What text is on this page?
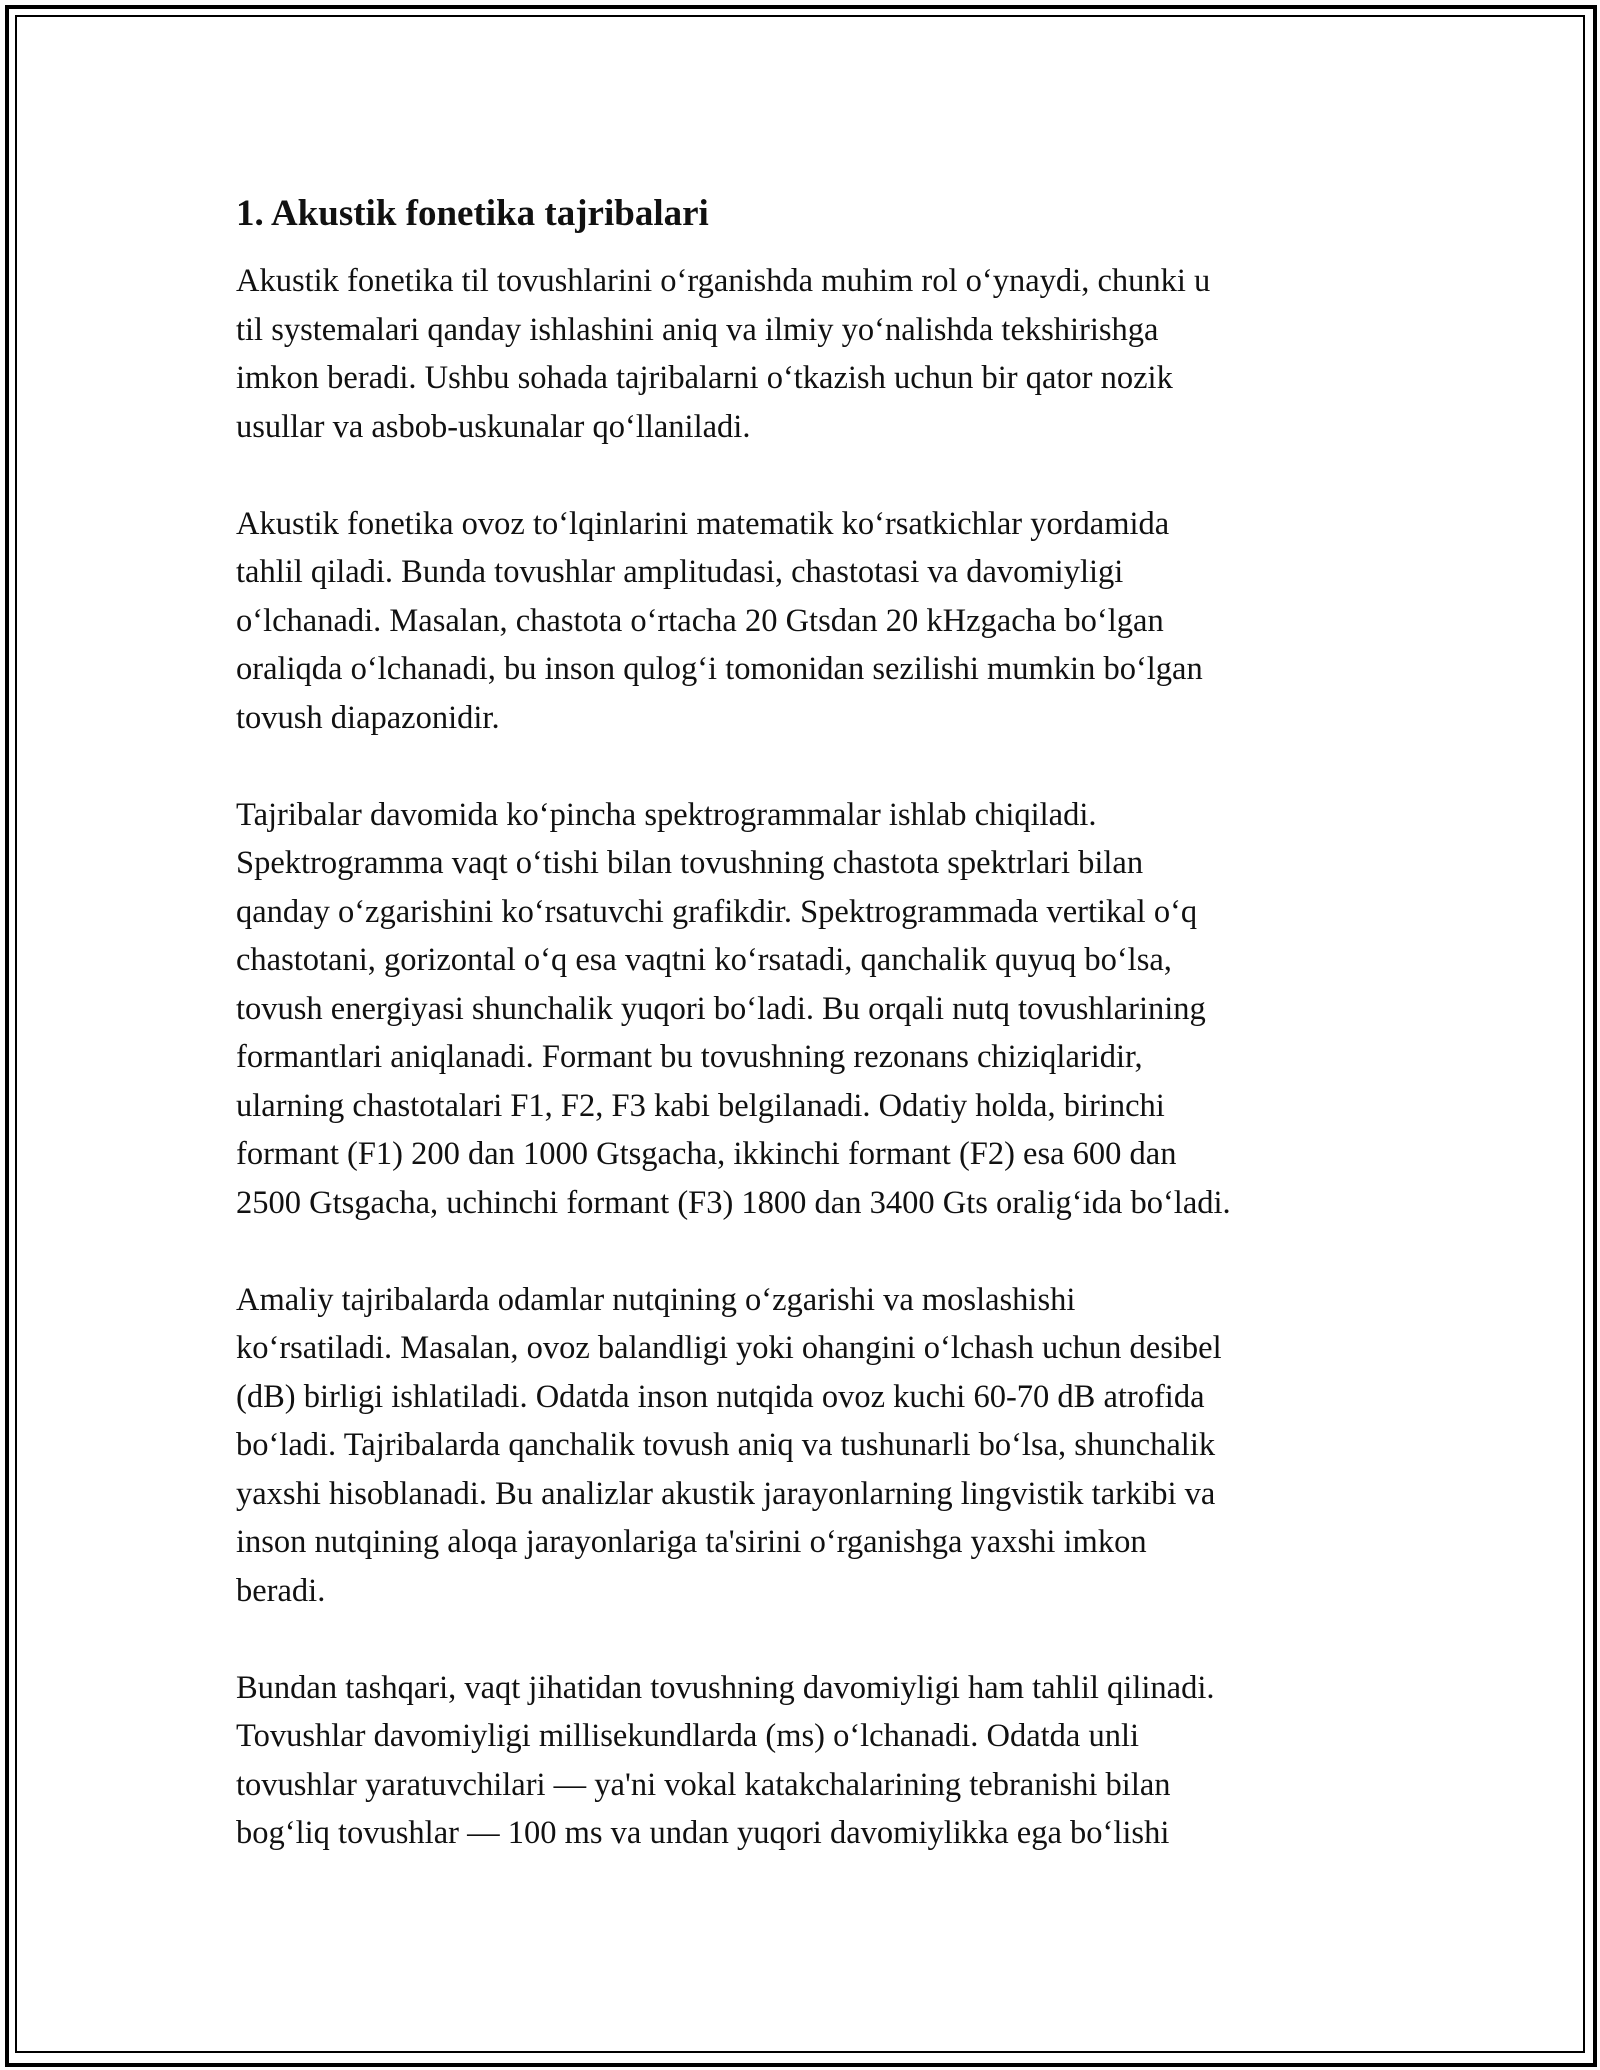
1. Akustik fonetika tajribalari
Akustik fonetika til tovushlarini o‘rganishda muhim rol o‘ynaydi, chunki u
til systemalari qanday ishlashini aniq va ilmiy yo‘nalishda tekshirishga
imkon beradi. Ushbu sohada tajribalarni o‘tkazish uchun bir qator nozik
usullar va asbob-uskunalar qo‘llaniladi.
Akustik fonetika ovoz to‘lqinlarini matematik ko‘rsatkichlar yordamida
tahlil qiladi. Bunda tovushlar amplitudasi, chastotasi va davomiyligi
o‘lchanadi. Masalan, chastota o‘rtacha 20 Gtsdan 20 kHzgacha bo‘lgan
oraliqda o‘lchanadi, bu inson qulog‘i tomonidan sezilishi mumkin bo‘lgan
tovush diapazonidir.
Tajribalar davomida ko‘pincha spektrogrammalar ishlab chiqiladi.
Spektrogramma vaqt o‘tishi bilan tovushning chastota spektrlari bilan
qanday o‘zgarishini ko‘rsatuvchi grafikdir. Spektrogrammada vertikal o‘q
chastotani, gorizontal o‘q esa vaqtni ko‘rsatadi, qanchalik quyuq bo‘lsa,
tovush energiyasi shunchalik yuqori bo‘ladi. Bu orqali nutq tovushlarining
formantlari aniqlanadi. Formant bu tovushning rezonans chiziqlaridir,
ularning chastotalari F1, F2, F3 kabi belgilanadi. Odatiy holda, birinchi
formant (F1) 200 dan 1000 Gtsgacha, ikkinchi formant (F2) esa 600 dan
2500 Gtsgacha, uchinchi formant (F3) 1800 dan 3400 Gts oralig‘ida bo‘ladi.
Amaliy tajribalarda odamlar nutqining o‘zgarishi va moslashishi
ko‘rsatiladi. Masalan, ovoz balandligi yoki ohangini o‘lchash uchun desibel
(dB) birligi ishlatiladi. Odatda inson nutqida ovoz kuchi 60-70 dB atrofida
bo‘ladi. Tajribalarda qanchalik tovush aniq va tushunarli bo‘lsa, shunchalik
yaxshi hisoblanadi. Bu analizlar akustik jarayonlarning lingvistik tarkibi va
inson nutqining aloqa jarayonlariga ta'sirini o‘rganishga yaxshi imkon
beradi.
Bundan tashqari, vaqt jihatidan tovushning davomiyligi ham tahlil qilinadi.
Tovushlar davomiyligi millisekundlarda (ms) o‘lchanadi. Odatda unli
tovushlar yaratuvchilari — ya'ni vokal katakchalarining tebranishi bilan
bog‘liq tovushlar — 100 ms va undan yuqori davomiylikka ega bo‘lishi
